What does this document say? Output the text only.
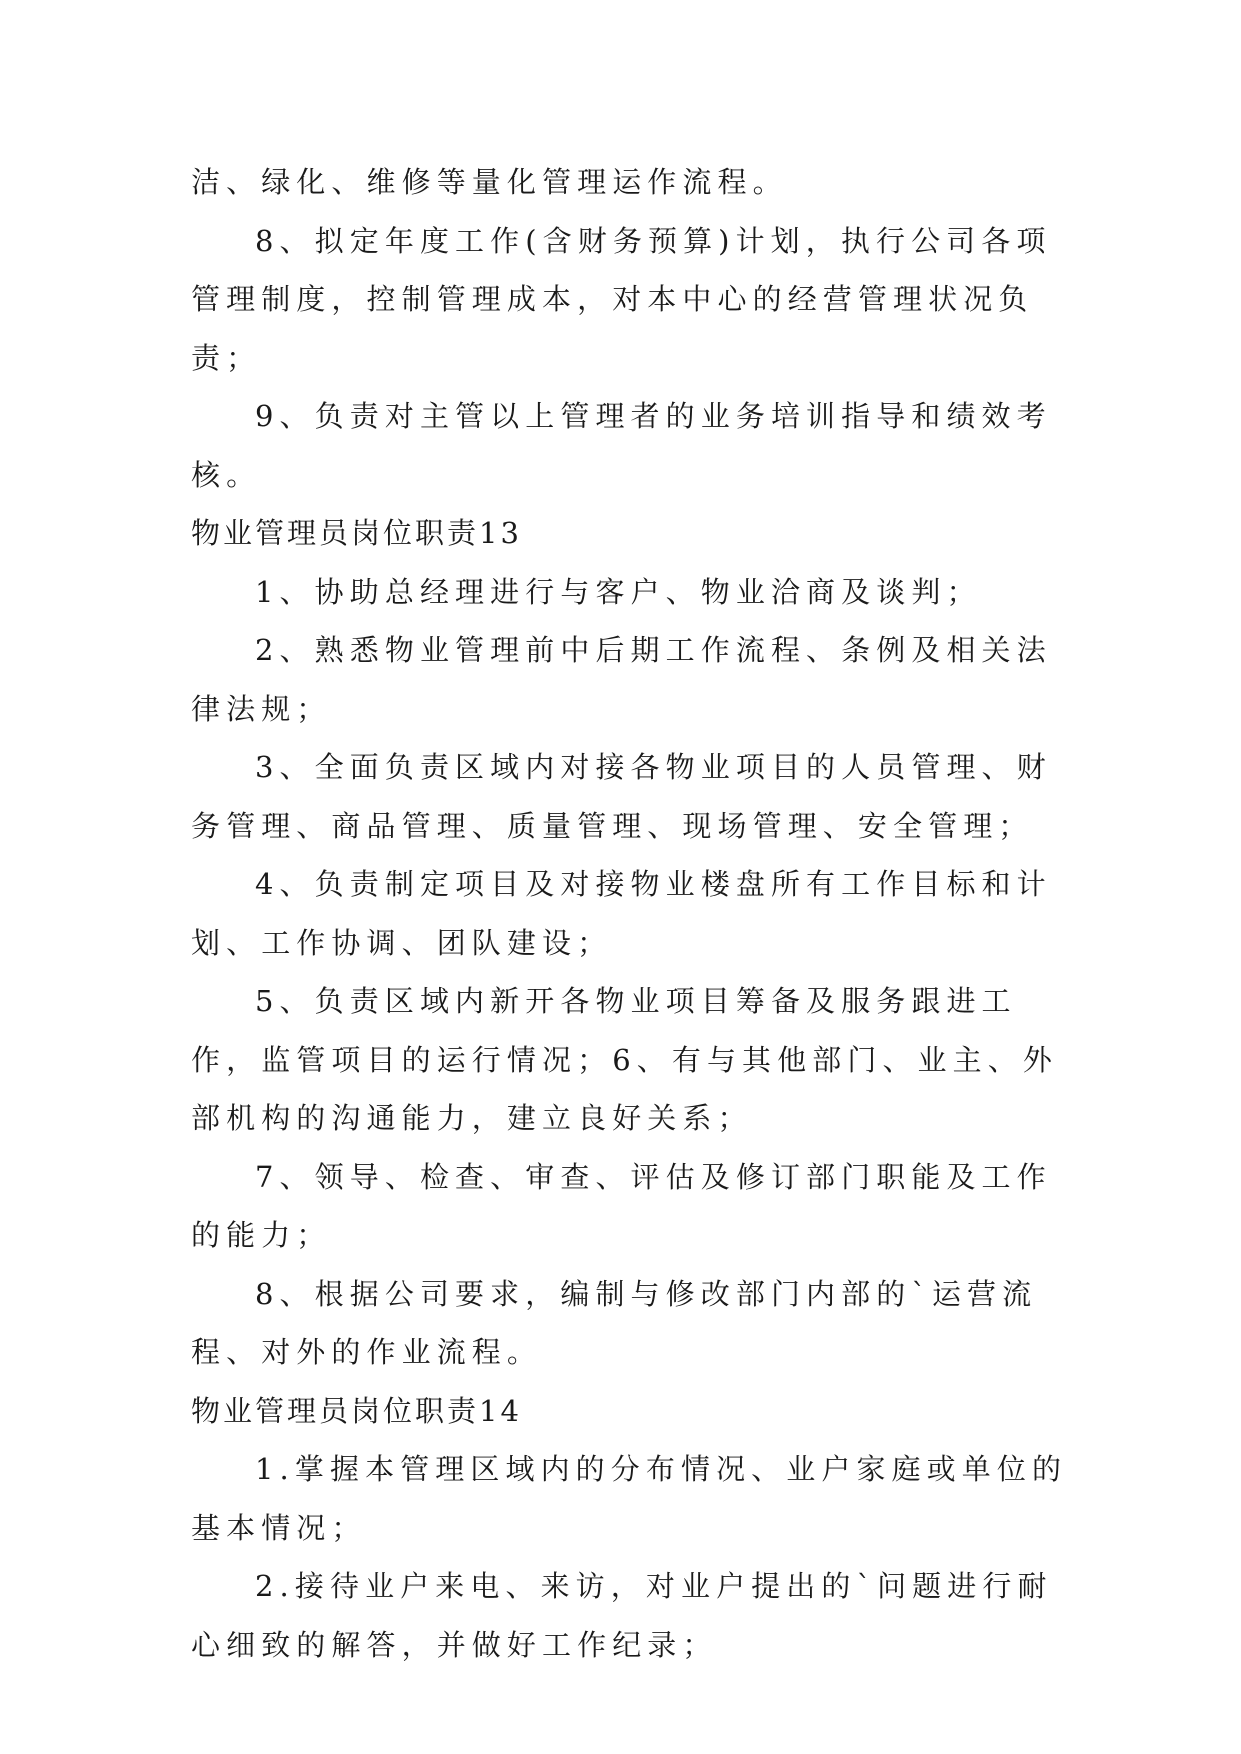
洁、绿化、维修等量化管理运作流程。

8、拟定年度工作(含财务预算)计划，执行公司各项管理制度，控制管理成本，对本中心的经营管理状况负责；

9、负责对主管以上管理者的业务培训指导和绩效考核。

物业管理员岗位职责13

1、协助总经理进行与客户、物业洽商及谈判；

2、熟悉物业管理前中后期工作流程、条例及相关法律法规；

3、全面负责区域内对接各物业项目的人员管理、财务管理、商品管理、质量管理、现场管理、安全管理；

4、负责制定项目及对接物业楼盘所有工作目标和计划、工作协调、团队建设；

5、负责区域内新开各物业项目筹备及服务跟进工作，监管项目的运行情况；6、有与其他部门、业主、外部机构的沟通能力，建立良好关系；

7、领导、检查、审查、评估及修订部门职能及工作的能力；

8、根据公司要求，编制与修改部门内部的`运营流程、对外的作业流程。

物业管理员岗位职责14

1.掌握本管理区域内的分布情况、业户家庭或单位的基本情况；

2.接待业户来电、来访，对业户提出的`问题进行耐心细致的解答，并做好工作纪录；
